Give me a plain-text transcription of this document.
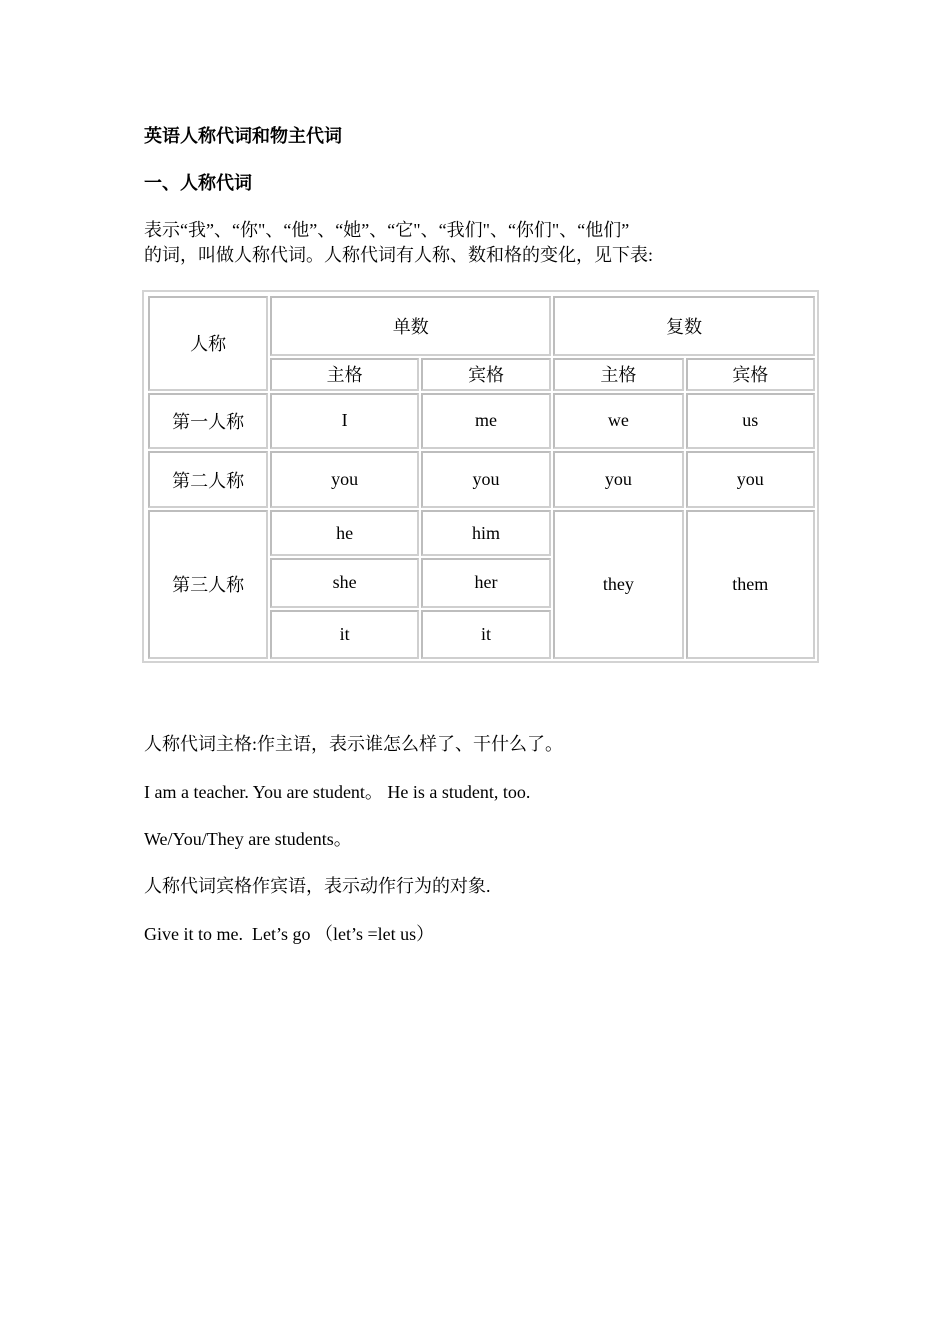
英语人称代词和物主代词
一、人称代词
表示“我”、“你"、“他”、“她”、“它"、“我们"、“你们"、“他们”
的词，叫做人称代词。人称代词有人称、数和格的变化，见下表:
人称	单数		复数	
	主格	宾格	主格	宾格
第一人称	I	me	we	us
第二人称	you	you	you	you
第三人称	he	him	they	them
	she	her		
	it	it		
人称代词主格:作主语，表示谁怎么样了、干什么了。
I am a teacher. You are student。 He is a student, too.
We/You/They are students。
人称代词宾格作宾语，表示动作行为的对象.
Give it to me.  Let’s go （let’s =let us）
